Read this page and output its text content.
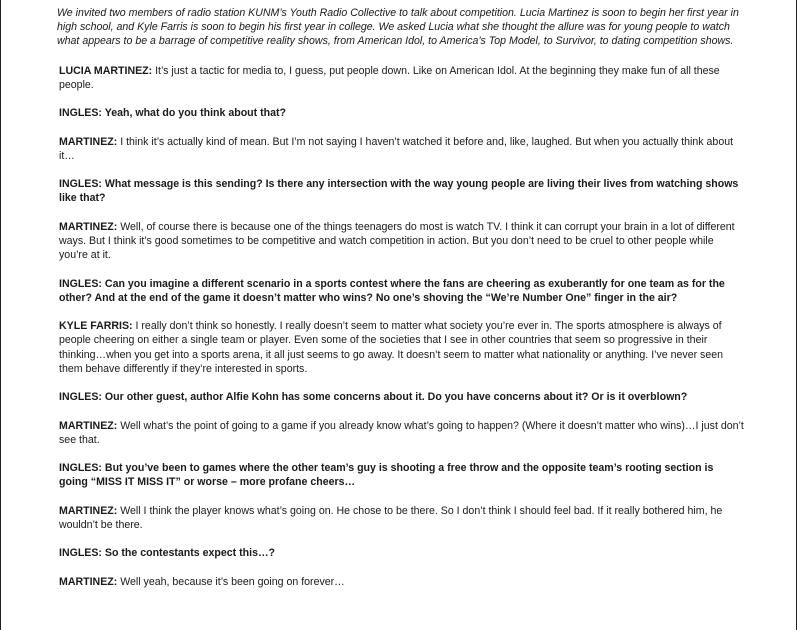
We invited two members of radio station KUNM’s Youth Radio Collective to talk about competition. Lucia Martinez is soon to begin her first year in high school, and Kyle Farris is soon to begin his first year in college. We asked Lucia what she thought the allure was for young people to watch what appears to be a barrage of competitive reality shows, from American Idol, to America’s Top Model, to Survivor, to dating competition shows.

LUCIA MARTINEZ: It’s just a tactic for media to, I guess, put people down. Like on American Idol. At the beginning they make fun of all these people.

INGLES: Yeah, what do you think about that?

MARTINEZ: I think it’s actually kind of mean. But I’m not saying I haven’t watched it before and, like, laughed. But when you actually think about it…

INGLES: What message is this sending? Is there any intersection with the way young people are living their lives from watching shows like that?

MARTINEZ: Well, of course there is because one of the things teenagers do most is watch TV. I think it can corrupt your brain in a lot of different ways. But I think it’s good sometimes to be competitive and watch competition in action. But you don’t need to be cruel to other people while you’re at it.

INGLES: Can you imagine a different scenario in a sports contest where the fans are cheering as exuberantly for one team as for the other? And at the end of the game it doesn’t matter who wins? No one’s shoving the “We’re Number One” finger in the air?

KYLE FARRIS: I really don’t think so honestly. I really doesn’t seem to matter what society you’re ever in. The sports atmosphere is always of people cheering on either a single team or player. Even some of the societies that I see in other countries that seem so progressive in their thinking…when you get into a sports arena, it all just seems to go away. It doesn’t seem to matter what nationality or anything. I’ve never seen them behave differently if they’re interested in sports.

INGLES: Our other guest, author Alfie Kohn has some concerns about it. Do you have concerns about it? Or is it overblown?

MARTINEZ: Well what’s the point of going to a game if you already know what’s going to happen? (Where it doesn’t matter who wins)…I just don’t see that.

INGLES: But you’ve been to games where the other team’s guy is shooting a free throw and the opposite team’s rooting section is going “MISS IT MISS IT” or worse – more profane cheers…

MARTINEZ: Well I think the player knows what’s going on. He chose to be there. So I don’t think I should feel bad. If it really bothered him, he wouldn’t be there.

INGLES: So the contestants expect this…?

MARTINEZ: Well yeah, because it’s been going on forever…
